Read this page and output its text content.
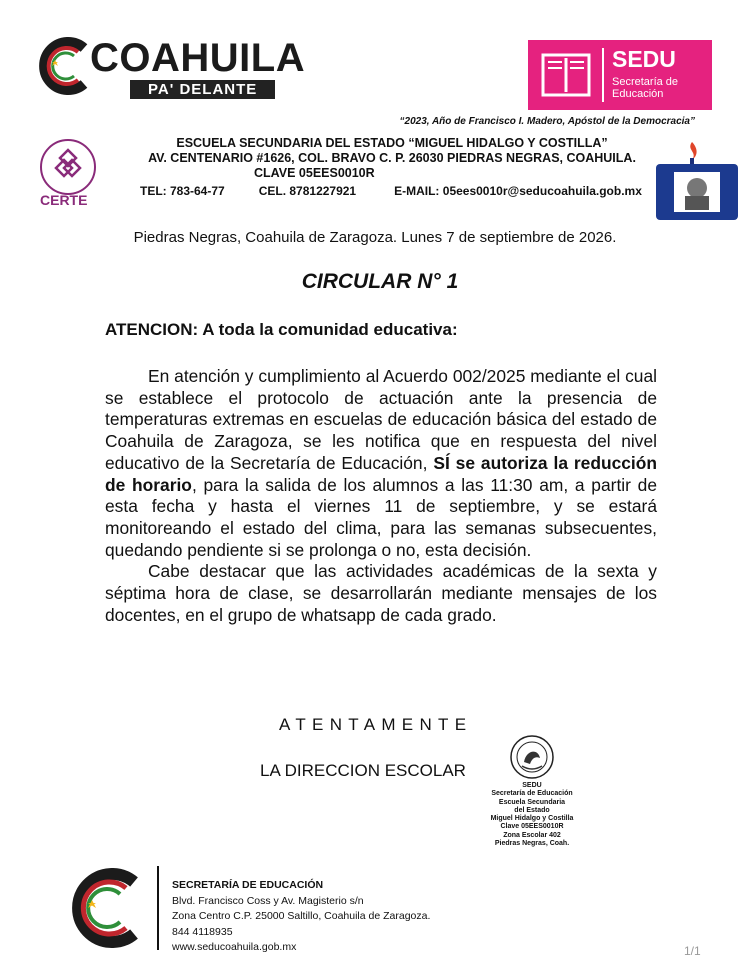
COAHUILA
PA' DELANTE
SEDU
Secretaría de
Educación
“2023, Año de Francisco I. Madero, Apóstol de la Democracia”
CERTE
ESCUELA SECUNDARIA DEL ESTADO “MIGUEL HIDALGO Y COSTILLA”
AV. CENTENARIO #1626, COL. BRAVO C. P. 26030 PIEDRAS NEGRAS, COAHUILA.
CLAVE 05EES0010R
TEL: 783-64-77	CEL. 8781227921	E-MAIL: 05ees0010r@seducoahuila.gob.mx
Piedras Negras, Coahuila de Zaragoza. Lunes 7 de septiembre de 2026.
CIRCULAR N° 1
ATENCION: A toda la comunidad educativa:

En atención y cumplimiento al Acuerdo 002/2025 mediante el cual se establece el protocolo de actuación ante la presencia de temperaturas extremas en escuelas de educación básica del estado de Coahuila de Zaragoza, se les notifica que en respuesta del nivel educativo de la Secretaría de Educación, SÍ se autoriza la reducción de horario, para la salida de los alumnos a las 11:30 am, a partir de esta fecha y hasta el viernes 11 de septiembre, y se estará monitoreando el estado del clima, para las semanas subsecuentes, quedando pendiente si se prolonga o no, esta decisión.

Cabe destacar que las actividades académicas de la sexta y séptima hora de clase, se desarrollarán mediante mensajes de los docentes, en el grupo de whatsapp de cada grado.

ATENTAMENTE
LA DIRECCION ESCOLAR
SEDU
Secretaría de Educación
Escuela Secundaria
del Estado
Miguel Hidalgo y Costilla
Clave 05EES0010R
Zona Escolar 402
Piedras Negras, Coah.
SECRETARÍA DE EDUCACIÓN
Blvd. Francisco Coss y Av. Magisterio s/n
Zona Centro C.P. 25000 Saltillo, Coahuila de Zaragoza.
844 4118935
www.seducoahuila.gob.mx	1/1
